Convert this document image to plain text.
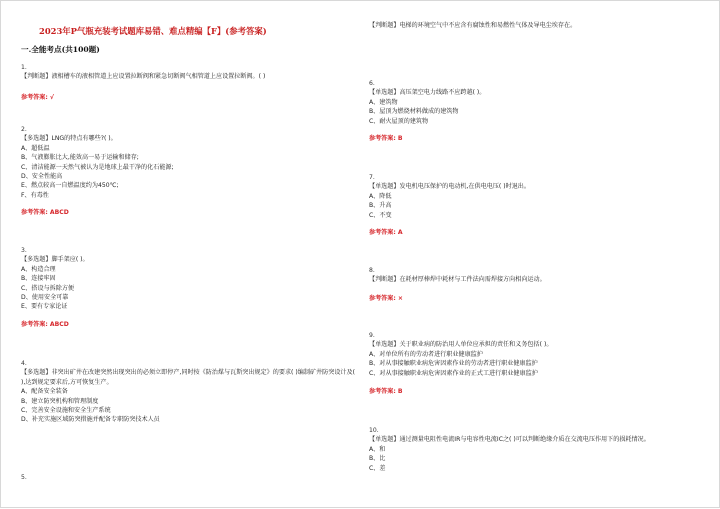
2023年P气瓶充装考试题库易错、难点精编【F】(参考答案)
一.全能考点(共100题)
1.
【判断题】液相槽车的液相管道上应设置拉断阀和紧急切断阀气相管道上应设置拉断阀。( )
参考答案: √
2.
【多选题】LNG的特点有哪些?( )。
A、超低温
B、气液膨胀比大,能效高一易于运输和储存;
C、清洁能源一天然气被认为是地球上最干净的化石能源;
D、安全性能高
E、燃点较高一自燃温度约为450℃;
F、有毒性
参考答案: ABCD
3.
【多选题】脚手架应( )。
A、构造合理
B、连接牢固
C、搭设与拆除方便
D、使用安全可靠
E、要有专家论证
参考答案: ABCD
4.
【多选题】非突出矿井在改建突然出现突出的必须立即停产,同时按《防治煤与瓦斯突出规定》的要求( )编制矿井防突设计及( ),达到规定要求后,方可恢复生产。
A、配备安全装备
B、建立防突机构和管理制度
C、完善安全设施和安全生产系统
D、补充实施区域防突措施并配备专职防突技术人员
5.
【判断题】电梯的环境空气中不应含有腐蚀性和易燃性气体及导电尘埃存在。
6.
【单选题】高压架空电力线路不应跨越( )。
A、建筑物
B、屋顶为燃烧材料做成的建筑物
C、耐火屋顶的建筑物
参考答案: B
7.
【单选题】发电机电压保护的电动机,在供电电压( )时退出。
A、降低
B、升高
C、不变
参考答案: A
8.
【判断题】在耗材厚棒焊中耗材与工件法向需焊接方向相向运动。
参考答案: ×
9.
【单选题】关于职业病的防治用人单位应承担的责任和义务包括( )。
A、对单位所有的劳动者进行职业健康监护
B、对从事接触职业病危害因素作业的劳动者进行职业健康监护
C、对从事接触职业病危害因素作业的正式工进行职业健康监护
参考答案: B
10.
【单选题】通过测量电阻性电流IR与电容性电流IC之( )可以判断绝缘介质在交流电压作用下的损耗情况。
A、和
B、比
C、差
